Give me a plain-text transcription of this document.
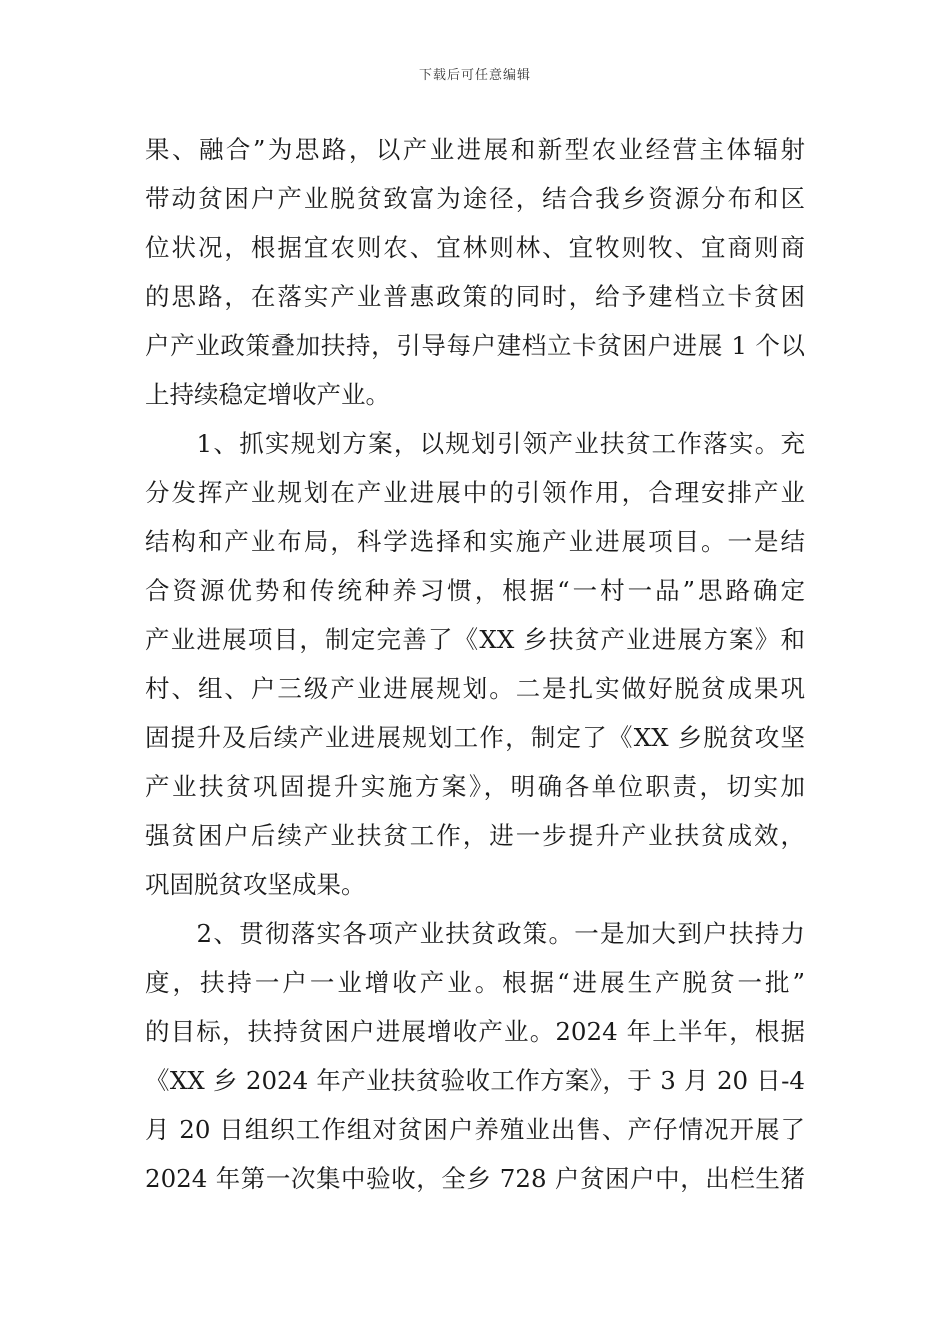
下载后可任意编辑
果、融合”为思路，以产业进展和新型农业经营主体辐射
带动贫困户产业脱贫致富为途径，结合我乡资源分布和区
位状况，根据宜农则农、宜林则林、宜牧则牧、宜商则商
的思路，在落实产业普惠政策的同时，给予建档立卡贫困
户产业政策叠加扶持，引导每户建档立卡贫困户进展 1 个以
上持续稳定增收产业。
　　1、抓实规划方案，以规划引领产业扶贫工作落实。充
分发挥产业规划在产业进展中的引领作用，合理安排产业
结构和产业布局，科学选择和实施产业进展项目。一是结
合资源优势和传统种养习惯，根据“一村一品”思路确定
产业进展项目，制定完善了《XX 乡扶贫产业进展方案》和
村、组、户三级产业进展规划。二是扎实做好脱贫成果巩
固提升及后续产业进展规划工作，制定了《XX 乡脱贫攻坚
产业扶贫巩固提升实施方案》，明确各单位职责，切实加
强贫困户后续产业扶贫工作，进一步提升产业扶贫成效，
巩固脱贫攻坚成果。
　　2、贯彻落实各项产业扶贫政策。一是加大到户扶持力
度，扶持一户一业增收产业。根据“进展生产脱贫一批”
的目标，扶持贫困户进展增收产业。2024 年上半年，根据
《XX 乡 2024 年产业扶贫验收工作方案》，于 3 月 20 日-4
月 20 日组织工作组对贫困户养殖业出售、产仔情况开展了
2024 年第一次集中验收，全乡 728 户贫困户中，出栏生猪
